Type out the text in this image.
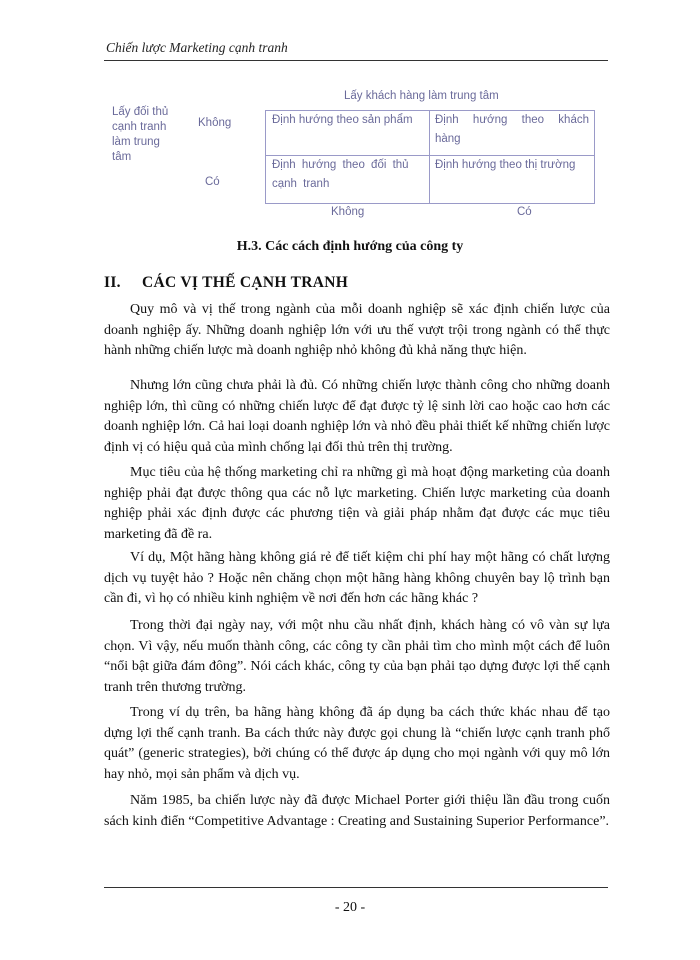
Chiến lược Marketing cạnh tranh
Lấy khách hàng làm trung tâm
Lấy đối thủ cạnh tranh làm trung tâm
Không
Có
Định hướng theo sản phẩm	Định hướng theo khách hàng
Định hướng theo đối thủ cạnh tranh
Định hướng theo thị trường
Không	Có
H.3. Các cách định hướng của công ty
II. CÁC VỊ THẾ CẠNH TRANH

Quy mô và vị thế trong ngành của mỗi doanh nghiệp sẽ xác định chiến lược của doanh nghiệp ấy. Những doanh nghiệp lớn với ưu thế vượt trội trong ngành có thể thực hành những chiến lược mà doanh nghiệp nhỏ không đủ khả năng thực hiện.

Nhưng lớn cũng chưa phải là đủ. Có những chiến lược thành công cho những doanh nghiệp lớn, thì cũng có những chiến lược để đạt được tỷ lệ sinh lời cao hoặc cao hơn các doanh nghiệp lớn. Cả hai loại doanh nghiệp lớn và nhỏ đều phải thiết kế những chiến lược định vị có hiệu quả của mình chống lại đối thủ trên thị trường.

Mục tiêu của hệ thống marketing chỉ ra những gì mà hoạt động marketing của doanh nghiệp phải đạt được thông qua các nỗ lực marketing. Chiến lược marketing của doanh nghiệp phải xác định được các phương tiện và giải pháp nhằm đạt được các mục tiêu marketing đã đề ra.

Ví dụ, Một hãng hàng không giá rẻ để tiết kiệm chi phí hay một hãng có chất lượng dịch vụ tuyệt hảo ? Hoặc nên chăng chọn một hãng hàng không chuyên bay lộ trình bạn cần đi, vì họ có nhiều kinh nghiệm về nơi đến hơn các hãng khác ?

Trong thời đại ngày nay, với một nhu cầu nhất định, khách hàng có vô vàn sự lựa chọn. Vì vậy, nếu muốn thành công, các công ty cần phải tìm cho mình một cách để luôn “nổi bật giữa đám đông”. Nói cách khác, công ty của bạn phải tạo dựng được lợi thế cạnh tranh trên thương trường.

Trong ví dụ trên, ba hãng hàng không đã áp dụng ba cách thức khác nhau để tạo dựng lợi thế cạnh tranh. Ba cách thức này được gọi chung là “chiến lược cạnh tranh phổ quát” (generic strategies), bởi chúng có thể được áp dụng cho mọi ngành với quy mô lớn hay nhỏ, mọi sản phẩm và dịch vụ.

Năm 1985, ba chiến lược này đã được Michael Porter giới thiệu lần đầu trong cuốn sách kinh điển “Competitive Advantage : Creating and Sustaining Superior Performance”.

- 20 -
